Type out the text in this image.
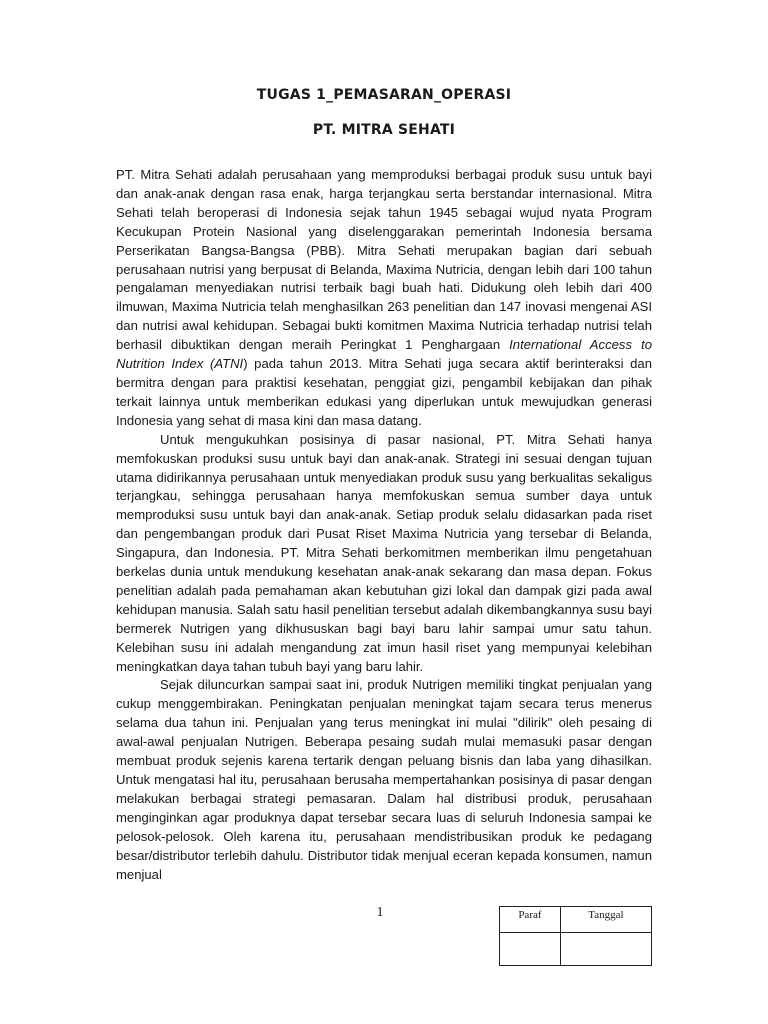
TUGAS 1_PEMASARAN_OPERASI
PT. MITRA SEHATI

PT. Mitra Sehati adalah perusahaan yang memproduksi berbagai produk susu untuk bayi dan anak-anak dengan rasa enak, harga terjangkau serta berstandar internasional. Mitra Sehati telah beroperasi di Indonesia sejak tahun 1945 sebagai wujud nyata Program Kecukupan Protein Nasional yang diselenggarakan pemerintah Indonesia bersama Perserikatan Bangsa-Bangsa (PBB). Mitra Sehati merupakan bagian dari sebuah perusahaan nutrisi yang berpusat di Belanda, Maxima Nutricia, dengan lebih dari 100 tahun pengalaman menyediakan nutrisi terbaik bagi buah hati. Didukung oleh lebih dari 400 ilmuwan, Maxima Nutricia telah menghasilkan 263 penelitian dan 147 inovasi mengenai ASI dan nutrisi awal kehidupan. Sebagai bukti komitmen Maxima Nutricia terhadap nutrisi telah berhasil dibuktikan dengan meraih Peringkat 1 Penghargaan International Access to Nutrition Index (ATNI) pada tahun 2013. Mitra Sehati juga secara aktif berinteraksi dan bermitra dengan para praktisi kesehatan, penggiat gizi, pengambil kebijakan dan pihak terkait lainnya untuk memberikan edukasi yang diperlukan untuk mewujudkan generasi Indonesia yang sehat di masa kini dan masa datang.

Untuk mengukuhkan posisinya di pasar nasional, PT. Mitra Sehati hanya memfokuskan produksi susu untuk bayi dan anak-anak. Strategi ini sesuai dengan tujuan utama didirikannya perusahaan untuk menyediakan produk susu yang berkualitas sekaligus terjangkau, sehingga perusahaan hanya memfokuskan semua sumber daya untuk memproduksi susu untuk bayi dan anak-anak. Setiap produk selalu didasarkan pada riset dan pengembangan produk dari Pusat Riset Maxima Nutricia yang tersebar di Belanda, Singapura, dan Indonesia. PT. Mitra Sehati berkomitmen memberikan ilmu pengetahuan berkelas dunia untuk mendukung kesehatan anak-anak sekarang dan masa depan. Fokus penelitian adalah pada pemahaman akan kebutuhan gizi lokal dan dampak gizi pada awal kehidupan manusia. Salah satu hasil penelitian tersebut adalah dikembangkannya susu bayi bermerek Nutrigen yang dikhususkan bagi bayi baru lahir sampai umur satu tahun. Kelebihan susu ini adalah mengandung zat imun hasil riset yang mempunyai kelebihan meningkatkan daya tahan tubuh bayi yang baru lahir.

Sejak diluncurkan sampai saat ini, produk Nutrigen memiliki tingkat penjualan yang cukup menggembirakan. Peningkatan penjualan meningkat tajam secara terus menerus selama dua tahun ini. Penjualan yang terus meningkat ini mulai "dilirik" oleh pesaing di awal-awal penjualan Nutrigen. Beberapa pesaing sudah mulai memasuki pasar dengan membuat produk sejenis karena tertarik dengan peluang bisnis dan laba yang dihasilkan. Untuk mengatasi hal itu, perusahaan berusaha mempertahankan posisinya di pasar dengan melakukan berbagai strategi pemasaran. Dalam hal distribusi produk, perusahaan menginginkan agar produknya dapat tersebar secara luas di seluruh Indonesia sampai ke pelosok-pelosok. Oleh karena itu, perusahaan mendistribusikan produk ke pedagang besar/distributor terlebih dahulu. Distributor tidak menjual eceran kepada konsumen, namun menjual

1	Paraf	Tanggal
